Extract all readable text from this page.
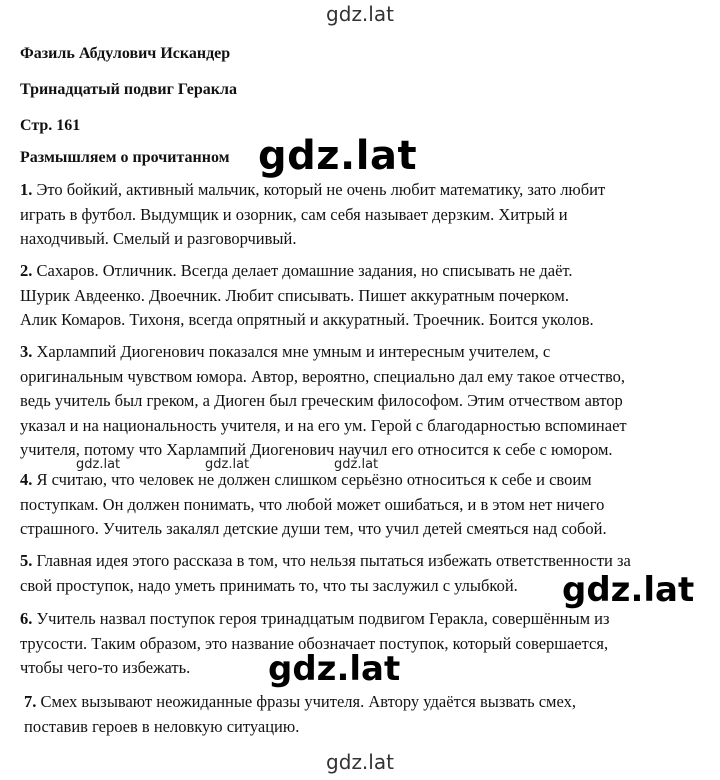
Фазиль Абдулович Искандер
Тринадцатый подвиг Геракла
Стр. 161
Размышляем о прочитанном
1. Это бойкий, активный мальчик, который не очень любит математику, зато любит
играть в футбол. Выдумщик и озорник, сам себя называет дерзким. Хитрый и
находчивый. Смелый и разговорчивый.
2. Сахаров. Отличник. Всегда делает домашние задания, но списывать не даёт.
Шурик Авдеенко. Двоечник. Любит списывать. Пишет аккуратным почерком.
Алик Комаров. Тихоня, всегда опрятный и аккуратный. Троечник. Боится уколов.
3. Харлампий Диогенович показался мне умным и интересным учителем, с
оригинальным чувством юмора. Автор, вероятно, специально дал ему такое отчество,
ведь учитель был греком, а Диоген был греческим философом. Этим отчеством автор
указал и на национальность учителя, и на его ум. Герой с благодарностью вспоминает
учителя, потому что Харлампий Диогенович научил его относится к себе с юмором.
4. Я считаю, что человек не должен слишком серьёзно относиться к себе и своим
поступкам. Он должен понимать, что любой может ошибаться, и в этом нет ничего
страшного. Учитель закалял детские души тем, что учил детей смеяться над собой.
5. Главная идея этого рассказа в том, что нельзя пытаться избежать ответственности за
свой проступок, надо уметь принимать то, что ты заслужил с улыбкой.
6. Учитель назвал поступок героя тринадцатым подвигом Геракла, совершённым из
трусости. Таким образом, это название обозначает поступок, который совершается,
чтобы чего-то избежать.
7. Смех вызывают неожиданные фразы учителя. Автору удаётся вызвать смех,
поставив героев в неловкую ситуацию.
gdz.lat
gdz.lat
gdz.lat	gdz.lat	gdz.lat
gdz.lat
gdz.lat
gdz.lat
